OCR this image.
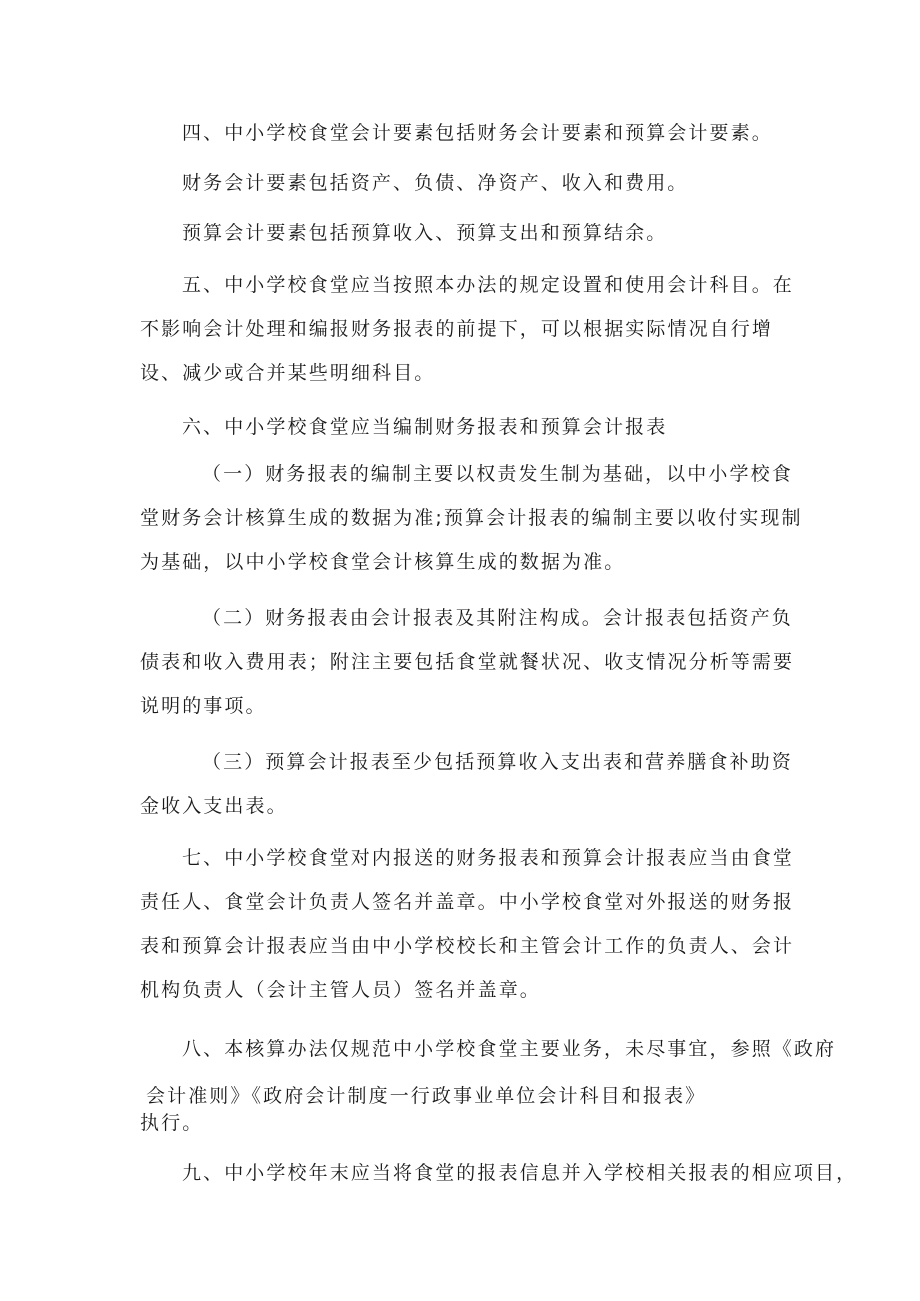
四、中小学校食堂会计要素包括财务会计要素和预算会计要素。

财务会计要素包括资产、负债、净资产、收入和费用。

预算会计要素包括预算收入、预算支出和预算结余。

五、中小学校食堂应当按照本办法的规定设置和使用会计科目。在不影响会计处理和编报财务报表的前提下，可以根据实际情况自行增设、减少或合并某些明细科目。

六、中小学校食堂应当编制财务报表和预算会计报表

（一）财务报表的编制主要以权责发生制为基础，以中小学校食堂财务会计核算生成的数据为准;预算会计报表的编制主要以收付实现制为基础，以中小学校食堂会计核算生成的数据为准。

（二）财务报表由会计报表及其附注构成。会计报表包括资产负债表和收入费用表；附注主要包括食堂就餐状况、收支情况分析等需要说明的事项。

（三）预算会计报表至少包括预算收入支出表和营养膳食补助资金收入支出表。

七、中小学校食堂对内报送的财务报表和预算会计报表应当由食堂责任人、食堂会计负责人签名并盖章。中小学校食堂对外报送的财务报表和预算会计报表应当由中小学校校长和主管会计工作的负责人、会计机构负责人（会计主管人员）签名并盖章。

八、本核算办法仅规范中小学校食堂主要业务，未尽事宜，参照《政府

会计准则》《政府会计制度一行政事业单位会计科目和报表》

执行。

九、中小学校年末应当将食堂的报表信息并入学校相关报表的相应项目，
